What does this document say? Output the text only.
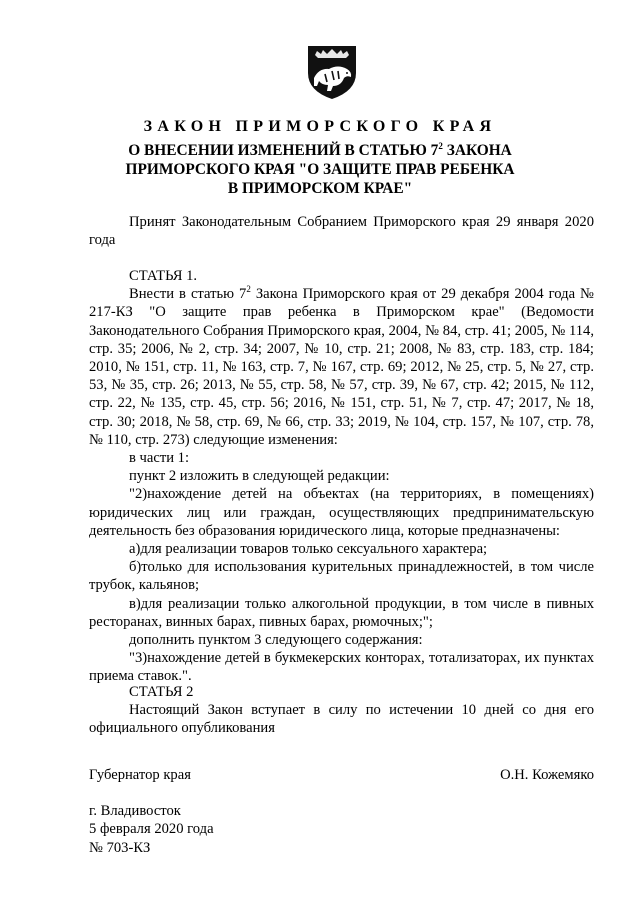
ЗАКОН ПРИМОРСКОГО КРАЯ
О ВНЕСЕНИИ ИЗМЕНЕНИЙ В СТАТЬЮ $7^2$ ЗАКОНА
ПРИМОРСКОГО КРАЯ "О ЗАЩИТЕ ПРАВ РЕБЕНКА
В ПРИМОРСКОМ КРАЕ"

Принят Законодательным Собранием Приморского края 29 января 2020 года

СТАТЬЯ 1.

Внести в статью $7^2$ Закона Приморского края от 29 декабря 2004 года № 217-КЗ "О защите прав ребенка в Приморском крае" (Ведомости Законодательного Собрания Приморского края, 2004, № 84, стр. 41; 2005, № 114, стр. 35; 2006, № 2, стр. 34; 2007, № 10, стр. 21; 2008, № 83, стр. 183, стр. 184; 2010, № 151, стр. 11, № 163, стр. 7, № 167, стр. 69; 2012, № 25, стр. 5, № 27, стр. 53, № 35, стр. 26; 2013, № 55, стр. 58, № 57, стр. 39, № 67, стр. 42; 2015, № 112, стр. 22, № 135, стр. 45, стр. 56; 2016, № 151, стр. 51, № 7, стр. 47; 2017, № 18, стр. 30; 2018, № 58, стр. 69, № 66, стр. 33; 2019, № 104, стр. 157, № 107, стр. 78, № 110, стр. 273) следующие изменения:

в части 1:

пункт 2 изложить в следующей редакции:

"2)нахождение детей на объектах (на территориях, в помещениях) юридических лиц или граждан, осуществляющих предпринимательскую деятельность без образования юридического лица, которые предназначены:

а)для реализации товаров только сексуального характера;

б)только для использования курительных принадлежностей, в том числе трубок, кальянов;

в)для реализации только алкогольной продукции, в том числе в пивных ресторанах, винных барах, пивных барах, рюмочных;";

дополнить пунктом 3 следующего содержания:

"3)нахождение детей в букмекерских конторах, тотализаторах, их пунктах приема ставок.".

СТАТЬЯ 2

Настоящий Закон вступает в силу по истечении 10 дней со дня его официального опубликования

Губернатор края	О.Н. Кожемяко
г. Владивосток
5 февраля 2020 года
№ 703-КЗ
